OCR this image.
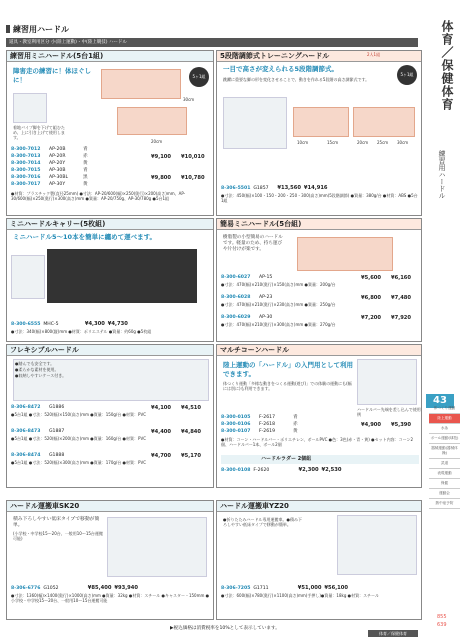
練習用ハードル
道具・教室利用区分 小(陸上運動)・中(陸上競技) ハードル
練習用ミニハードル(5台1組)
障害走の練習に！体ほぐしに！	5ヶ1組
30cm
20cm
着地バイプ脚を下げて組むため、上に引き上げて使用します。
8-300-7012 AP-20B	青
8-300-7013 AP-20R	赤	¥9,100 ¥10,010
8-300-7014 AP-20Y	黄
8-300-7015 AP-30B	青
8-300-7016 AP-30BL	黒	¥9,800 ¥10,780
8-300-7017 AP-30Y	黄
●材質：プラスチック製(直径25mm) ●寸法：AP-20/600(幅)×250(奥行)×200(高さ)mm、AP-30/600(幅)×250(奥行)×300(高さ)mm ●質量：AP-20/750g、AP-30/780g ●5台1組
5段階調節式トレーニングハードル
一目で高さが変えられる5段階調節式。
跳躍に重要な脚の形を変化させることで、動きを作れる5段階の高さ調節式です。
10cm	15cm	20cm 25cm 30cm
5ヶ1組
2人1組
8-306-5501 G1857 ¥13,560 ¥14,916
●寸法：450(幅)×100・150・200・250・300(高さ)mm(5段階調節) ●質量：380g/台 ●材質：ABS ●5台1組
ミニハードルキャリー(5枚組)
ミニハードル5～10本を簡単に纏めて運べます。
8-300-6555 MHC-5	¥4,300 ¥4,730
●寸法：340(幅)×800(縦)mm ●材質：ポリエステル ●質量：約60g ●5枚組
簡易ミニハードル(5台組)
樹脂製の小型簡易のハードルです。軽量のため、持ち運びや片付けが楽です。
8-300-6027 AP-15	¥5,600 ¥6,160
●寸法：470(幅)×210(奥行)×150(高さ)mm ●質量：200g/台
8-300-6028 AP-23	¥6,800 ¥7,480
●寸法：470(幅)×210(奥行)×230(高さ)mm ●質量：250g/台
8-300-6029 AP-30	¥7,200 ¥7,920
●寸法：470(幅)×210(奥行)×300(高さ)mm ●質量：270g/台
フレキシブルハードル
●踏んでも安全です。
●柔らかな素材を使用。
●収納しやすいケース付き。
8-306-8472 G1886	¥4,100 ¥4,510
●5台1組 ●寸法：520(幅)×150(高さ)mm ●質量：150g/台 ●材質：PVC
8-306-8473 G1887	¥4,400 ¥4,840
●5台1組 ●寸法：520(幅)×200(高さ)mm ●質量：160g/台 ●材質：PVC
8-306-8474 G1888	¥4,700 ¥5,170
●5台1組 ●寸法：520(幅)×300(高さ)mm ●質量：170g/台 ●材質：PVC
マルチコーンハードル
陸上運動の「ハードル」の入門用として利用できます。
体つくり運動「多様な動きをつくる運動(遊び)」での体験の運動にも(幅には別に)も利用できます。
ハードルバー先端を差し込んで使用例
8-300-0105 F-2617	青
8-300-0106 F-2618	赤	¥4,900 ¥5,390
8-300-0107 F-2619	黄
●材質：コーン・ハードルバー・ポリエチレン、ボールPVC ●色：3色(赤・青・黄) ●セット内容：コーン2個、ハードルバー1本、ボール2個
ハードルラダー 2個組
8-300-0108 F-2620	¥2,300 ¥2,530
ハードル運搬車SK20
積み下ろしやすい低床タイプで移動が簡単。
(小学校・中学校15～20台、一般用10～15台運搬可能)
8-306-6776 G1052	¥85,400 ¥93,940
●寸法：1360(幅)×1400(奥行)×1000(高さ)mm ●質量：32kg ●材質：スチール ●キャスター・150mm ●小学校・中学校15～20台、一般用10～15台運搬可能
ハードル運搬車YZ20
●折りたたみハードル専用運搬車。●積み下ろしやすい低床タイプで移動が簡単。
8-306-7205 G1711	¥51,000 ¥56,100
●寸法：600(幅)×780(奥行)×1100(高さ)mm(手押し)●質量：18kg ●材質：スチール
体育／保健体育
練習用ハードル
43
体つくり運動
陸上運動
水泳
ボール運動(球技)
器械運動(器械体操)
武道
表現運動
保健
運動会
熱中症予防
855
639
▶税込価格は消費税率を10%として表示しています。
体育／保健体育
